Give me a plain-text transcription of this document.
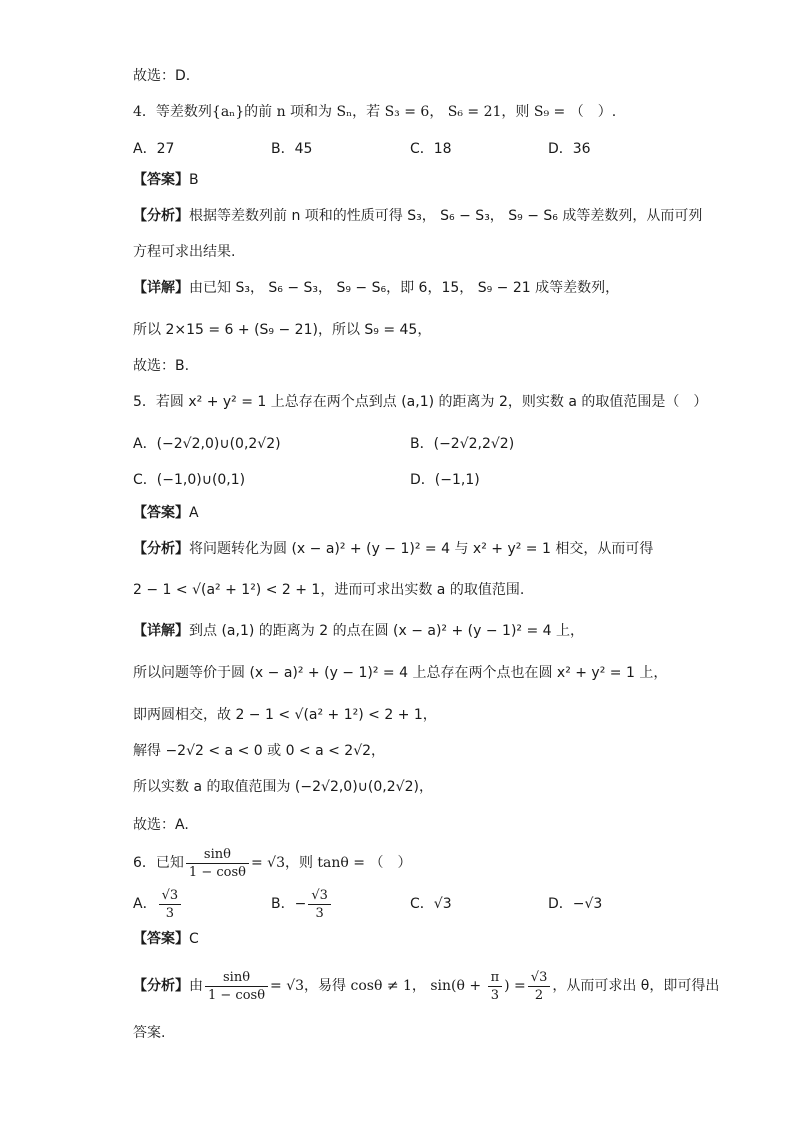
故选：D.
4．等差数列{aₙ}的前 n 项和为 Sₙ，若 S₃ = 6， S₆ = 21，则 S₉ = （　）.
A．27	B．45	C．18	D．36
【答案】B
【分析】根据等差数列前 n 项和的性质可得 S₃， S₆ − S₃， S₉ − S₆ 成等差数列，从而可列
方程可求出结果.
【详解】由已知 S₃， S₆ − S₃， S₉ − S₆，即 6，15， S₉ − 21 成等差数列，
所以 2×15 = 6 + (S₉ − 21)，所以 S₉ = 45，
故选：B.
5．若圆 x² + y² = 1 上总存在两个点到点 (a,1) 的距离为 2，则实数 a 的取值范围是（　）
A．(−2√2,0)∪(0,2√2)	B．(−2√2,2√2)
C．(−1,0)∪(0,1)	D．(−1,1)
【答案】A
【分析】将问题转化为圆 (x − a)² + (y − 1)² = 4 与 x² + y² = 1 相交，从而可得
2 − 1 < √(a² + 1²) < 2 + 1，进而可求出实数 a 的取值范围.
【详解】到点 (a,1) 的距离为 2 的点在圆 (x − a)² + (y − 1)² = 4 上，
所以问题等价于圆 (x − a)² + (y − 1)² = 4 上总存在两个点也在圆 x² + y² = 1 上，
即两圆相交，故 2 − 1 < √(a² + 1²) < 2 + 1，
解得 −2√2 < a < 0 或 0 < a < 2√2，
所以实数 a 的取值范围为 (−2√2,0)∪(0,2√2)，
故选：A.
6．已知 $\frac{\sin\theta}{1 - \cos\theta} = √3$，则 tanθ = （　）
A． $\frac{√3}{3}$	B．− $\frac{√3}{3}$	C．√3	D．−√3
【答案】C
【分析】由 $\frac{\sin\theta}{1 - \cos\theta} = √3$，易得 cosθ ≠ 1， $\sin(\theta + \frac{\pi}{3}$ ) = $\frac{√3}{2}$ ，从而可求出 θ，即可得出
答案.
